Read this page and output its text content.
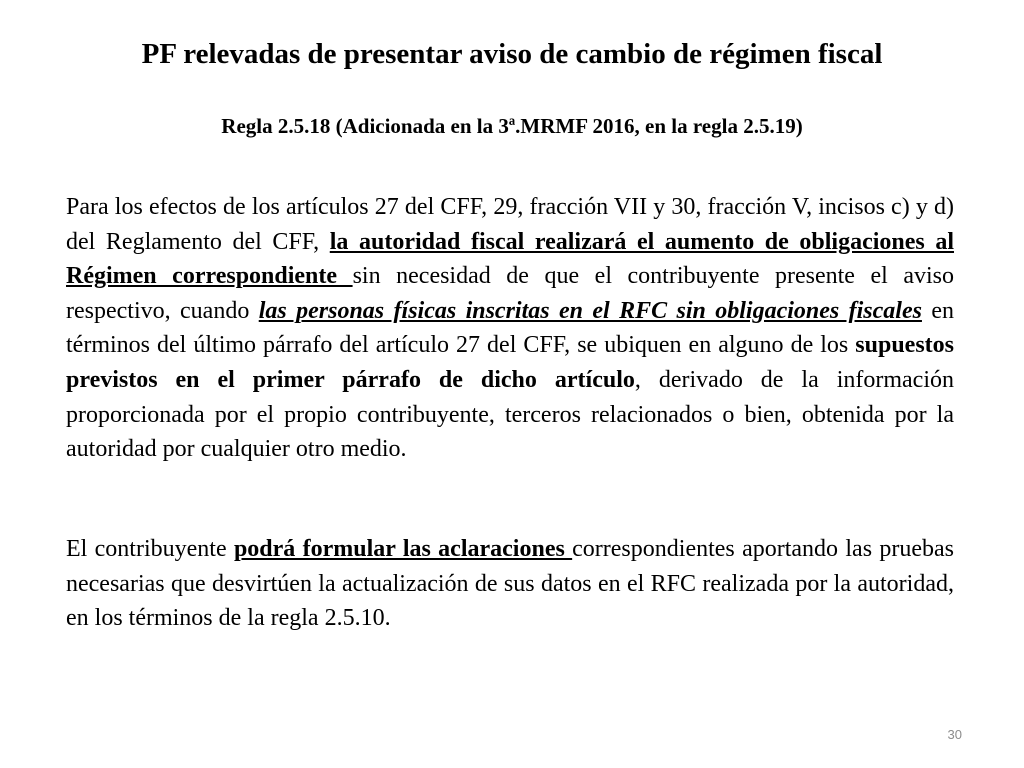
PF relevadas de presentar aviso de cambio de régimen fiscal
Regla 2.5.18 (Adicionada en la 3ª.MRMF 2016, en la regla 2.5.19)

Para los efectos de los artículos 27 del CFF, 29, fracción VII y 30, fracción V, incisos c) y d) del Reglamento del CFF, la autoridad fiscal realizará el aumento de obligaciones al Régimen correspondiente sin necesidad de que el contribuyente presente el aviso respectivo, cuando las personas físicas inscritas en el RFC sin obligaciones fiscales en términos del último párrafo del artículo 27 del CFF, se ubiquen en alguno de los supuestos previstos en el primer párrafo de dicho artículo, derivado de la información proporcionada por el propio contribuyente, terceros relacionados o bien, obtenida por la autoridad por cualquier otro medio.

El contribuyente podrá formular las aclaraciones correspondientes aportando las pruebas necesarias que desvirtúen la actualización de sus datos en el RFC realizada por la autoridad, en los términos de la regla 2.5.10.

30
